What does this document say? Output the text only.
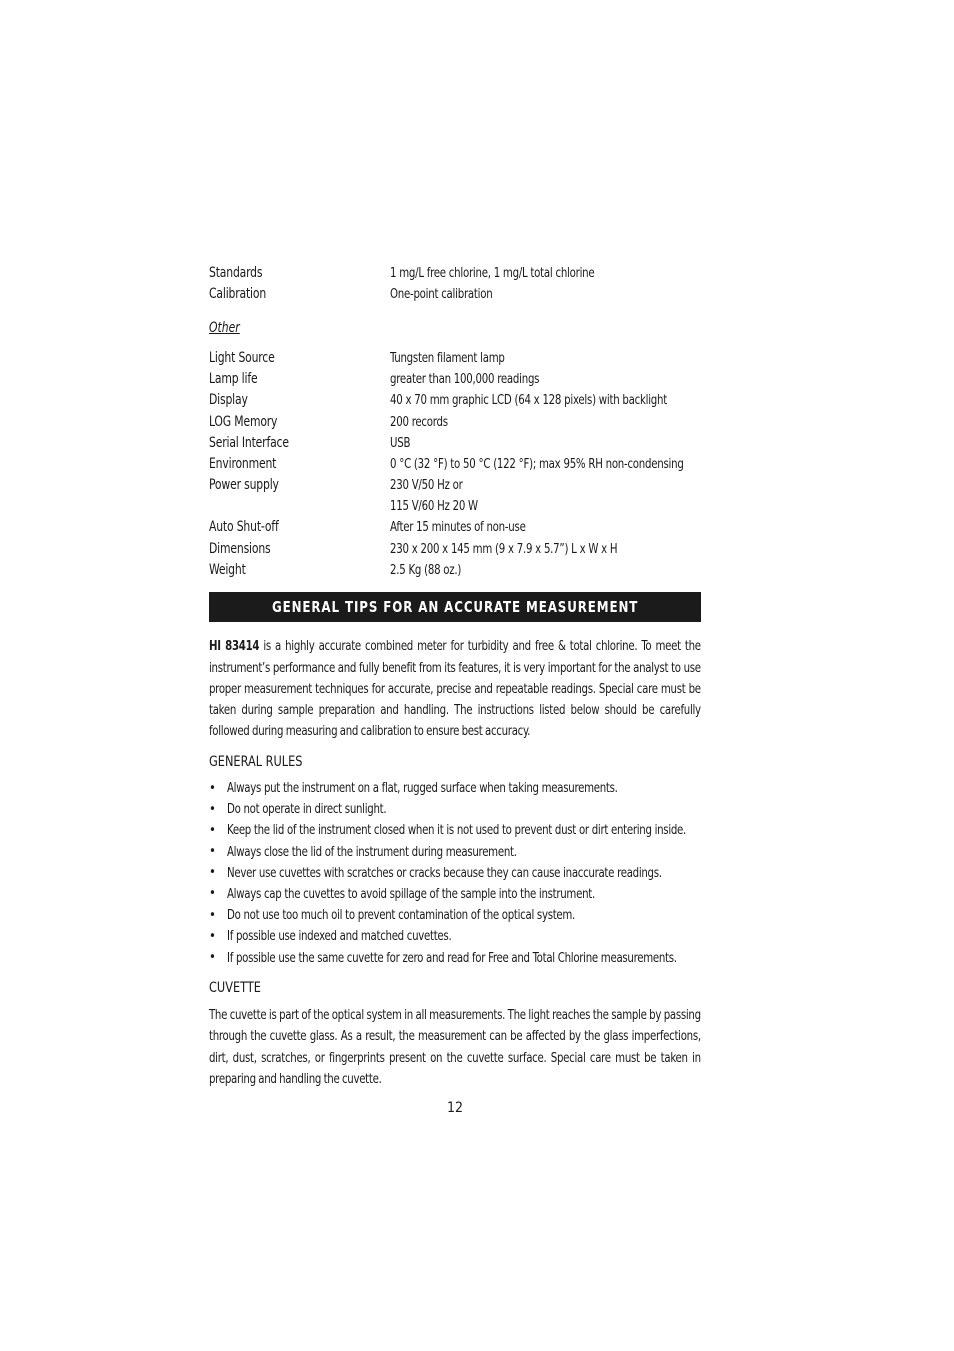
Standards	1 mg/L free chlorine, 1 mg/L total chlorine
Calibration	One-point calibration
Other
Light Source	Tungsten filament lamp
Lamp life	greater than 100,000 readings
Display	40 x 70 mm graphic LCD (64 x 128 pixels) with backlight
LOG Memory	200 records
Serial Interface	USB
Environment	0 °C (32 °F) to 50 °C (122 °F); max 95% RH non-condensing
Power supply	230 V/50 Hz or
115 V/60 Hz 20 W
Auto Shut-off	After 15 minutes of non-use
Dimensions	230 x 200 x 145 mm (9 x 7.9 x 5.7”) L x W x H
Weight	2.5 Kg (88 oz.)
GENERAL TIPS FOR AN ACCURATE MEASUREMENT
HI 83414 is a highly accurate combined meter for turbidity and free & total chlorine. To meet the instrument’s performance and fully benefit from its features, it is very important for the analyst to use proper measurement techniques for accurate, precise and repeatable readings. Special care must be taken during sample preparation and handling. The instructions listed below should be carefully followed during measuring and calibration to ensure best accuracy.
GENERAL RULES
• Always put the instrument on a flat, rugged surface when taking measurements.
• Do not operate in direct sunlight.
• Keep the lid of the instrument closed when it is not used to prevent dust or dirt entering inside.
• Always close the lid of the instrument during measurement.
• Never use cuvettes with scratches or cracks because they can cause inaccurate readings.
• Always cap the cuvettes to avoid spillage of the sample into the instrument.
• Do not use too much oil to prevent contamination of the optical system.
• If possible use indexed and matched cuvettes.
• If possible use the same cuvette for zero and read for Free and Total Chlorine measurements.
CUVETTE
The cuvette is part of the optical system in all measurements. The light reaches the sample by passing through the cuvette glass. As a result, the measurement can be affected by the glass imperfections, dirt, dust, scratches, or fingerprints present on the cuvette surface. Special care must be taken in preparing and handling the cuvette.
12
